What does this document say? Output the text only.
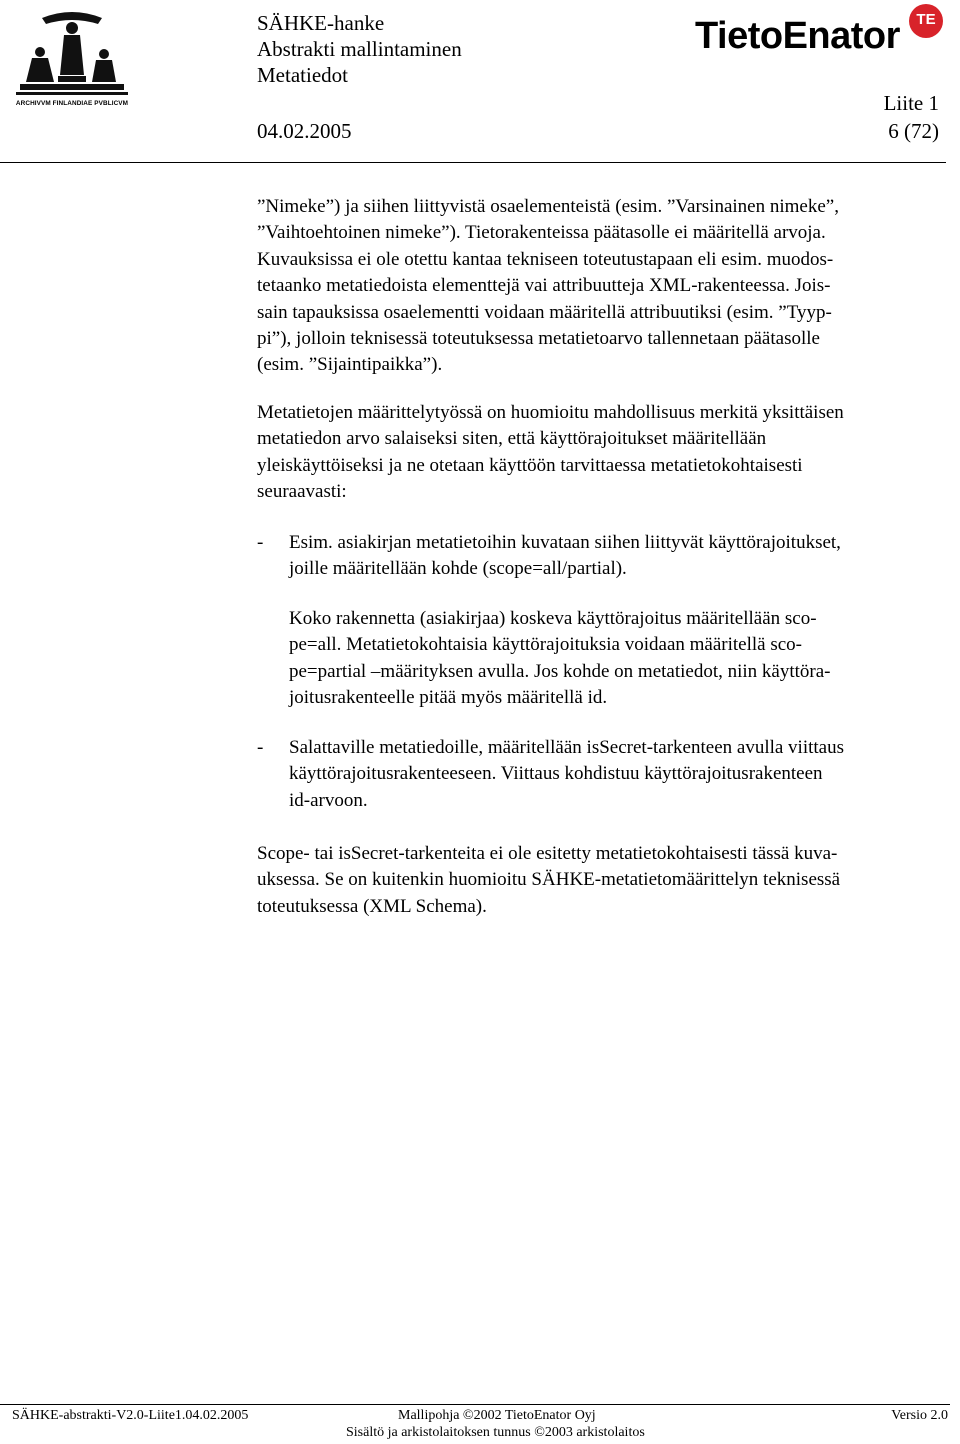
ARCHIVVM FINLANDIAE PVBLICVM
SÄHKE-hanke
Abstrakti mallintaminen
Metatiedot
TietoEnator	TE
04.02.2005
Liite 1
6 (72)
”Nimeke”) ja siihen liittyvistä osaelementeistä (esim. ”Varsinainen nimeke”,
”Vaihtoehtoinen nimeke”). Tietorakenteissa päätasolle ei määritellä arvoja.
Kuvauksissa ei ole otettu kantaa tekniseen toteutustapaan eli esim. muodos-
tetaanko metatiedoista elementtejä vai attribuutteja XML-rakenteessa. Jois-
sain tapauksissa osaelementti voidaan määritellä attribuutiksi (esim. ”Tyyp-
pi”), jolloin teknisessä toteutuksessa metatietoarvo tallennetaan päätasolle
(esim. ”Sijaintipaikka”).
Metatietojen määrittelytyössä on huomioitu mahdollisuus merkitä yksittäisen
metatiedon arvo salaiseksi siten, että käyttörajoitukset määritellään
yleiskäyttöiseksi ja ne otetaan käyttöön tarvittaessa metatietokohtaisesti
seuraavasti:
- Esim. asiakirjan metatietoihin kuvataan siihen liittyvät käyttörajoitukset,
joille määritellään kohde (scope=all/partial).
Koko rakennetta (asiakirjaa) koskeva käyttörajoitus määritellään sco-
pe=all. Metatietokohtaisia käyttörajoituksia voidaan määritellä sco-
pe=partial –määrityksen avulla. Jos kohde on metatiedot, niin käyttöra-
joitusrakenteelle pitää myös määritellä id.
- Salattaville metatiedoille, määritellään isSecret-tarkenteen avulla viittaus
käyttörajoitusrakenteeseen. Viittaus kohdistuu käyttörajoitusrakenteen
id-arvoon.
Scope- tai isSecret-tarkenteita ei ole esitetty metatietokohtaisesti tässä kuva-
uksessa. Se on kuitenkin huomioitu SÄHKE-metatietomäärittelyn teknisessä
toteutuksessa (XML Schema).
SÄHKE-abstrakti-V2.0-Liite1.04.02.2005	Mallipohja ©2002 TietoEnator Oyj
Sisältö ja arkistolaitoksen tunnus ©2003 arkistolaitos
Versio 2.0
